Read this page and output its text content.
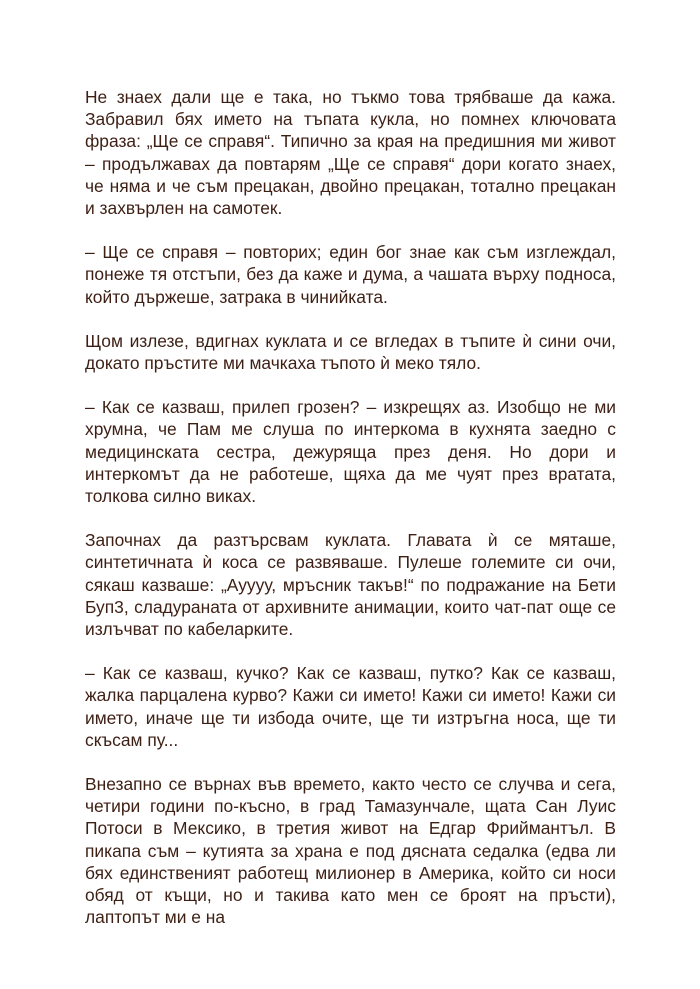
Не знаех дали ще е така, но тъкмо това трябваше да кажа. Забравил бях името на тъпата кукла, но помнех ключовата фраза: „Ще се справя“. Типично за края на предишния ми живот – продължавах да повтарям „Ще се справя“ дори когато знаех, че няма и че съм прецакан, двойно прецакан, тотално прецакан и захвърлен на самотек.

– Ще се справя – повторих; един бог знае как съм изглеждал, понеже тя отстъпи, без да каже и дума, а чашата върху подноса, който държеше, затрака в чинийката.

Щом излезе, вдигнах куклата и се вгледах в тъпите ѝ сини очи, докато пръстите ми мачкаха тъпото ѝ меко тяло.

– Как се казваш, прилеп грозен? – изкрещях аз. Изобщо не ми хрумна, че Пам ме слуша по интеркома в кухнята заедно с медицинската сестра, дежуряща през деня. Но дори и интеркомът да не работеше, щяха да ме чуят през вратата, толкова силно виках.

Започнах да разтърсвам куклата. Главата ѝ се мяташе, синтетичната ѝ коса се развяваше. Пулеше големите си очи, сякаш казваше: „Ауууу, мръсник такъв!“ по подражание на Бети Буп3, сладураната от архивните анимации, които чат-пат още се излъчват по кабеларките.

– Как се казваш, кучко? Как се казваш, путко? Как се казваш, жалка парцалена курво? Кажи си името! Кажи си името! Кажи си името, иначе ще ти избода очите, ще ти изтръгна носа, ще ти скъсам пу...

Внезапно се върнах във времето, както често се случва и сега, четири години по-късно, в град Тамазунчале, щата Сан Луис Потоси в Мексико, в третия живот на Едгар Фриймантъл. В пикапа съм – кутията за храна е под дясната седалка (едва ли бях единственият работещ милионер в Америка, който си носи обяд от къщи, но и такива като мен се броят на пръсти), лаптопът ми е на
